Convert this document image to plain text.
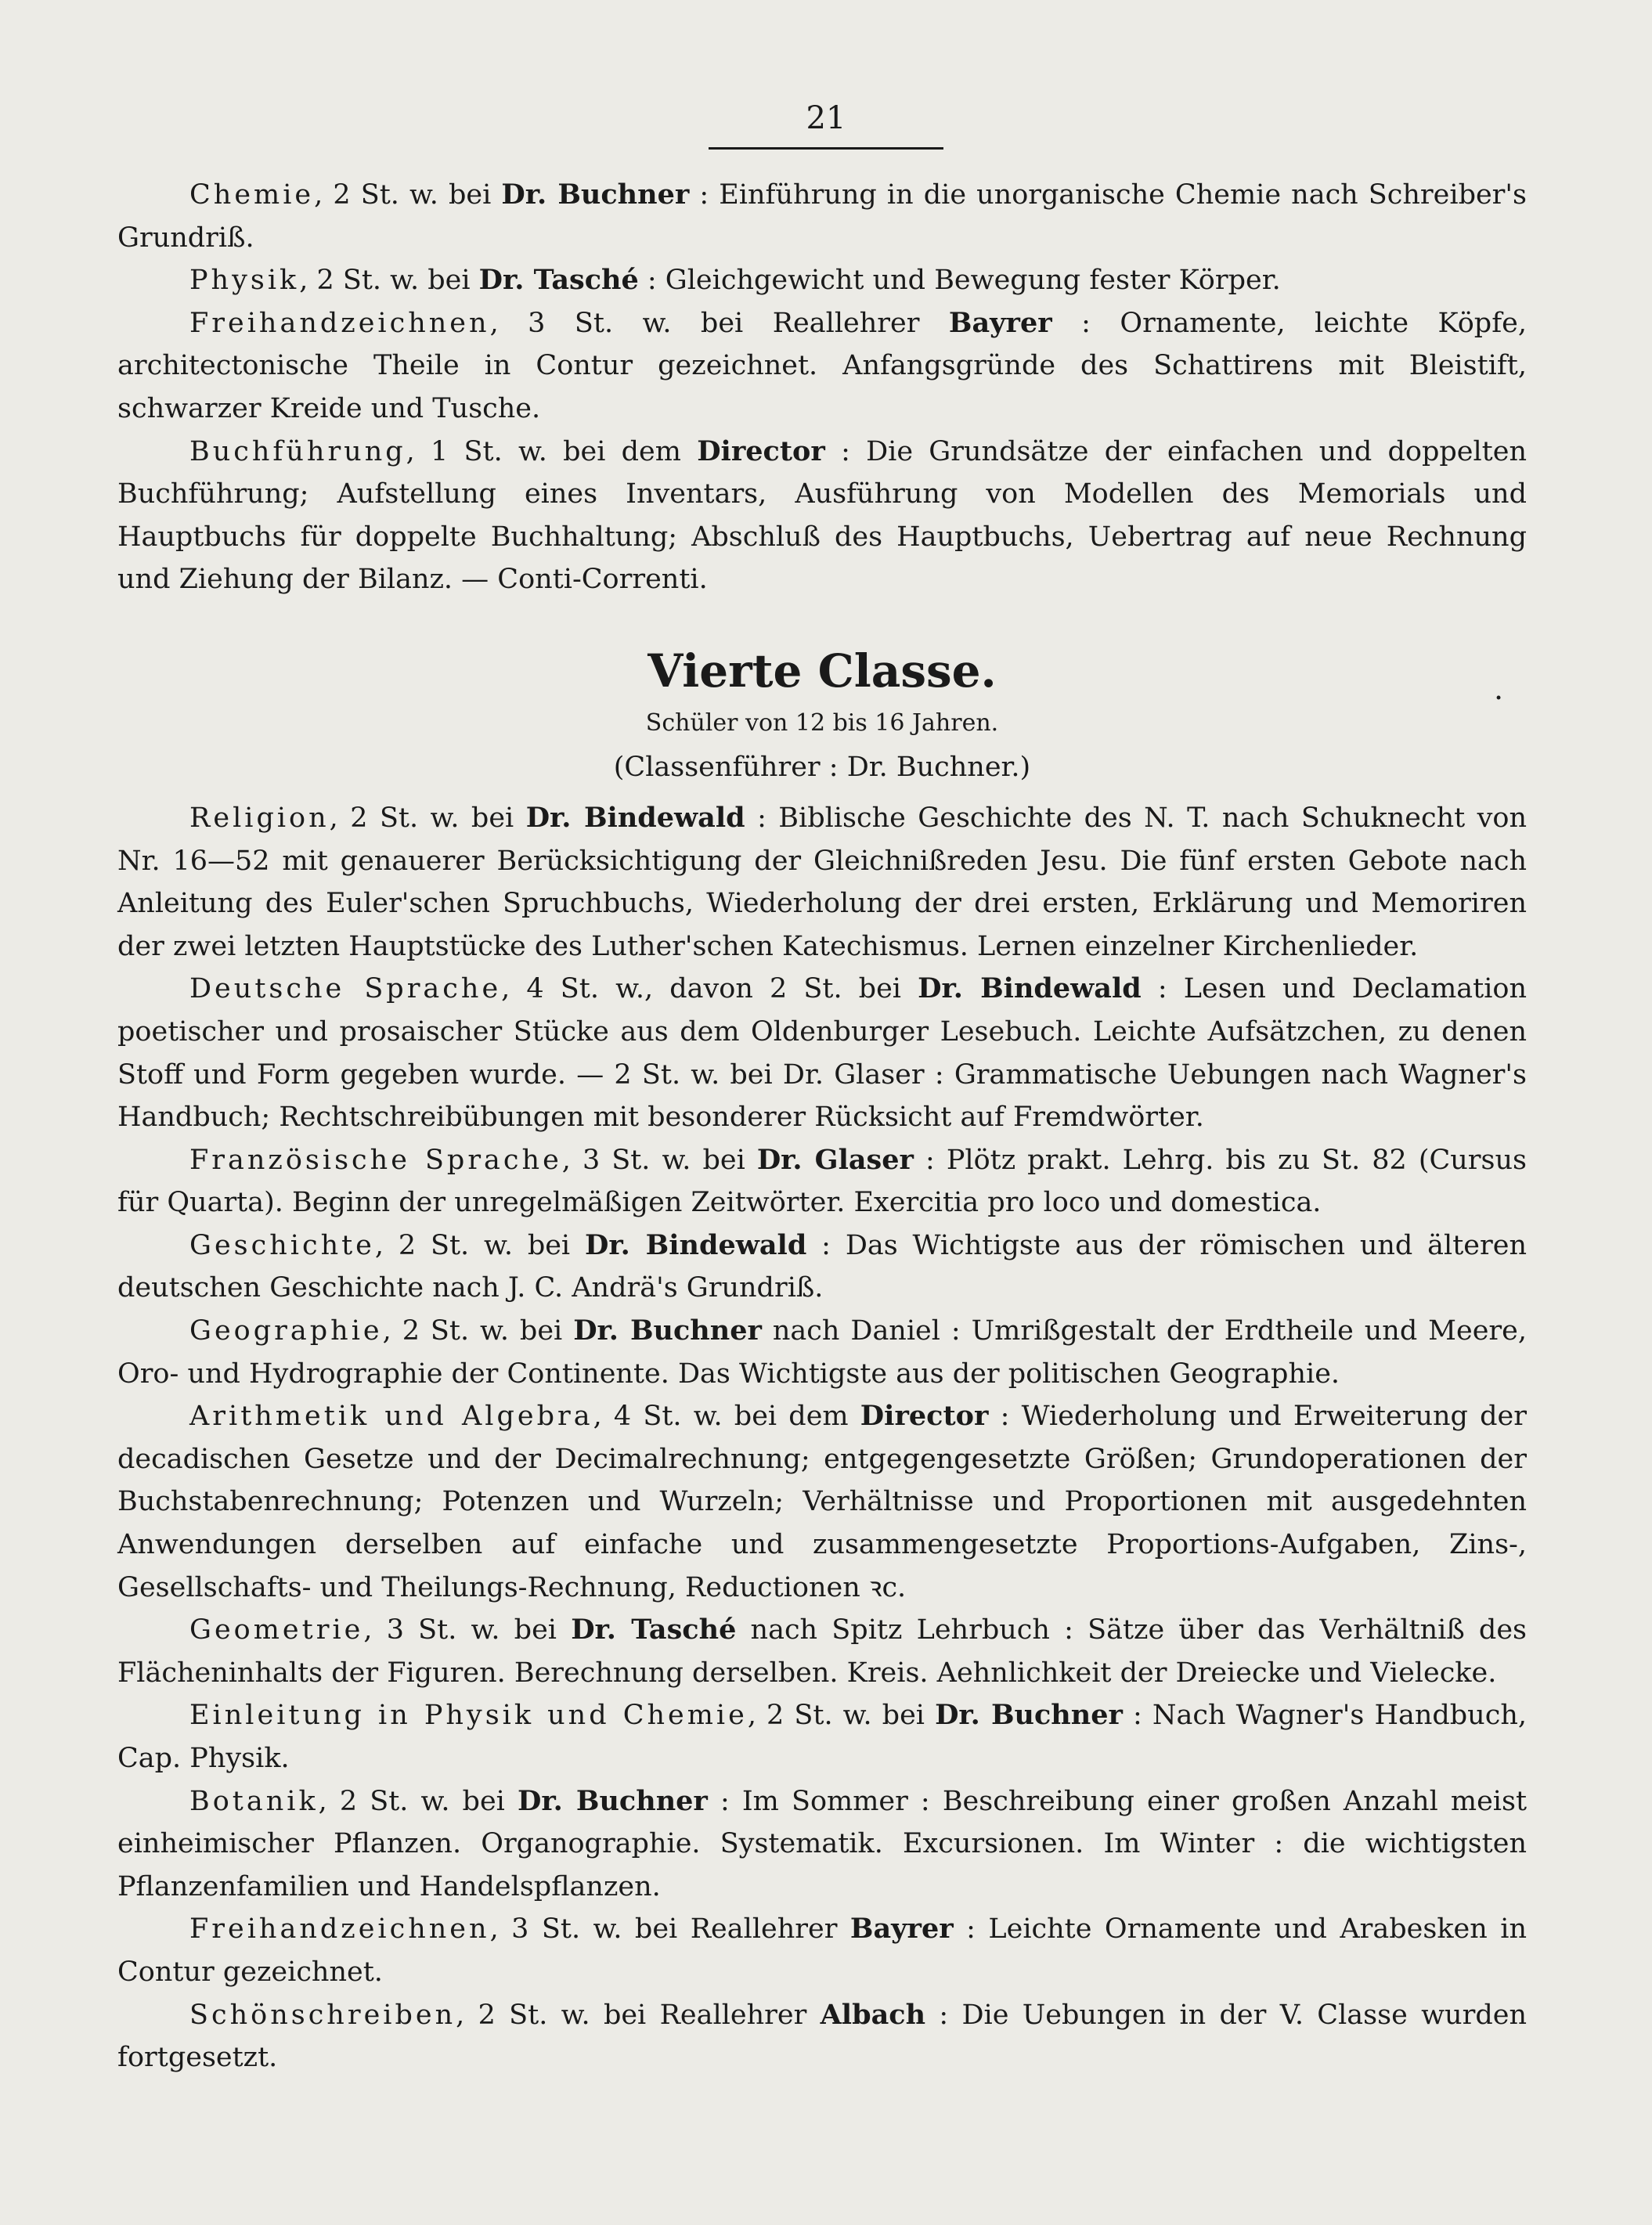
21
.

Chemie, 2 St. w. bei Dr. Buchner : Einführung in die unorganische Chemie nach Schreiber's Grundriß.

Physik, 2 St. w. bei Dr. Tasché : Gleichgewicht und Bewegung fester Körper.

Freihandzeichnen, 3 St. w. bei Reallehrer Bayrer : Ornamente, leichte Köpfe, architectonische Theile in Contur gezeichnet. Anfangsgründe des Schattirens mit Bleistift, schwarzer Kreide und Tusche.

Buchführung, 1 St. w. bei dem Director : Die Grundsätze der einfachen und doppelten Buchführung; Aufstellung eines Inventars, Ausführung von Modellen des Memorials und Hauptbuchs für doppelte Buchhaltung; Abschluß des Hauptbuchs, Uebertrag auf neue Rechnung und Ziehung der Bilanz. — Conti-Correnti.

Vierte Classe.
Schüler von 12 bis 16 Jahren.
(Classenführer : Dr. Buchner.)

Religion, 2 St. w. bei Dr. Bindewald : Biblische Geschichte des N. T. nach Schuknecht von Nr. 16—52 mit genauerer Berücksichtigung der Gleichnißreden Jesu. Die fünf ersten Gebote nach Anleitung des Euler'schen Spruchbuchs, Wiederholung der drei ersten, Erklärung und Memoriren der zwei letzten Hauptstücke des Luther'schen Katechismus. Lernen einzelner Kirchenlieder.

Deutsche Sprache, 4 St. w., davon 2 St. bei Dr. Bindewald : Lesen und Declamation poetischer und prosaischer Stücke aus dem Oldenburger Lesebuch. Leichte Aufsätzchen, zu denen Stoff und Form gegeben wurde. — 2 St. w. bei Dr. Glaser : Grammatische Uebungen nach Wagner's Handbuch; Rechtschreibübungen mit besonderer Rücksicht auf Fremdwörter.

Französische Sprache, 3 St. w. bei Dr. Glaser : Plötz prakt. Lehrg. bis zu St. 82 (Cursus für Quarta). Beginn der unregelmäßigen Zeitwörter. Exercitia pro loco und domestica.

Geschichte, 2 St. w. bei Dr. Bindewald : Das Wichtigste aus der römischen und älteren deutschen Geschichte nach J. C. Andrä's Grundriß.

Geographie, 2 St. w. bei Dr. Buchner nach Daniel : Umrißgestalt der Erdtheile und Meere, Oro- und Hydrographie der Continente. Das Wichtigste aus der politischen Geographie.

Arithmetik und Algebra, 4 St. w. bei dem Director : Wiederholung und Erweiterung der decadischen Gesetze und der Decimalrechnung; entgegengesetzte Größen; Grundoperationen der Buchstabenrechnung; Potenzen und Wurzeln; Verhältnisse und Proportionen mit ausgedehnten Anwendungen derselben auf einfache und zusammengesetzte Proportions-Aufgaben, Zins-, Gesellschafts- und Theilungs-Rechnung, Reductionen ꝛc.

Geometrie, 3 St. w. bei Dr. Tasché nach Spitz Lehrbuch : Sätze über das Verhältniß des Flächeninhalts der Figuren. Berechnung derselben. Kreis. Aehnlichkeit der Dreiecke und Vielecke.

Einleitung in Physik und Chemie, 2 St. w. bei Dr. Buchner : Nach Wagner's Handbuch, Cap. Physik.

Botanik, 2 St. w. bei Dr. Buchner : Im Sommer : Beschreibung einer großen Anzahl meist einheimischer Pflanzen. Organographie. Systematik. Excursionen. Im Winter : die wichtigsten Pflanzenfamilien und Handelspflanzen.

Freihandzeichnen, 3 St. w. bei Reallehrer Bayrer : Leichte Ornamente und Arabesken in Contur gezeichnet.

Schönschreiben, 2 St. w. bei Reallehrer Albach : Die Uebungen in der V. Classe wurden fortgesetzt.
